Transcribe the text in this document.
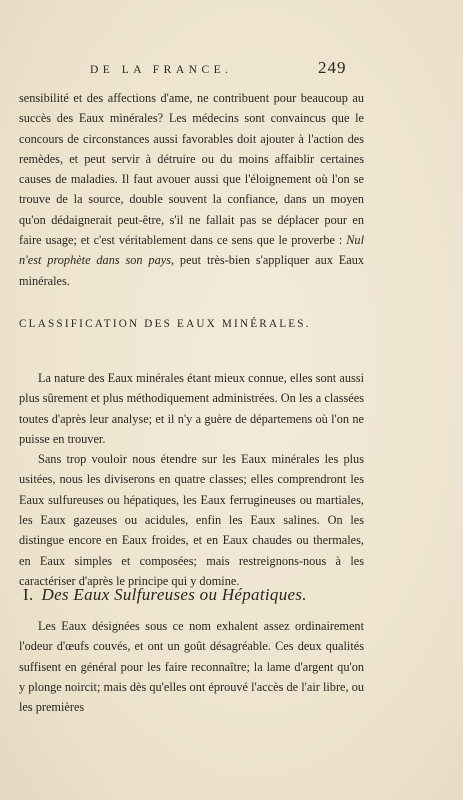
DE LA FRANCE.	249

sensibilité et des affections d'ame, ne contribuent pour beaucoup au succès des Eaux minérales? Les médecins sont convaincus que le concours de circonstances aussi favorables doit ajouter à l'action des remèdes, et peut servir à détruire ou du moins affaiblir certaines causes de maladies. Il faut avouer aussi que l'éloignement où l'on se trouve de la source, double souvent la confiance, dans un moyen qu'on dédaignerait peut-être, s'il ne fallait pas se déplacer pour en faire usage; et c'est véritablement dans ce sens que le proverbe : Nul n'est prophète dans son pays, peut très-bien s'appliquer aux Eaux minérales.

CLASSIFICATION DES EAUX MINÉRALES.

La nature des Eaux minérales étant mieux connue, elles sont aussi plus sûrement et plus méthodiquement administrées. On les a classées toutes d'après leur analyse; et il n'y a guère de départemens où l'on ne puisse en trouver.

Sans trop vouloir nous étendre sur les Eaux minérales les plus usitées, nous les diviserons en quatre classes; elles comprendront les Eaux sulfureuses ou hépatiques, les Eaux ferrugineuses ou martiales, les Eaux gazeuses ou acidules, enfin les Eaux salines. On les distingue encore en Eaux froides, et en Eaux chaudes ou thermales, en Eaux simples et composées; mais restreignons-nous à les caractériser d'après le principe qui y domine.

I. Des Eaux Sulfureuses ou Hépatiques.

Les Eaux désignées sous ce nom exhalent assez ordinairement l'odeur d'œufs couvés, et ont un goût désagréable. Ces deux qualités suffisent en général pour les faire reconnaître; la lame d'argent qu'on y plonge noircit; mais dès qu'elles ont éprouvé l'accès de l'air libre, ou les premières
